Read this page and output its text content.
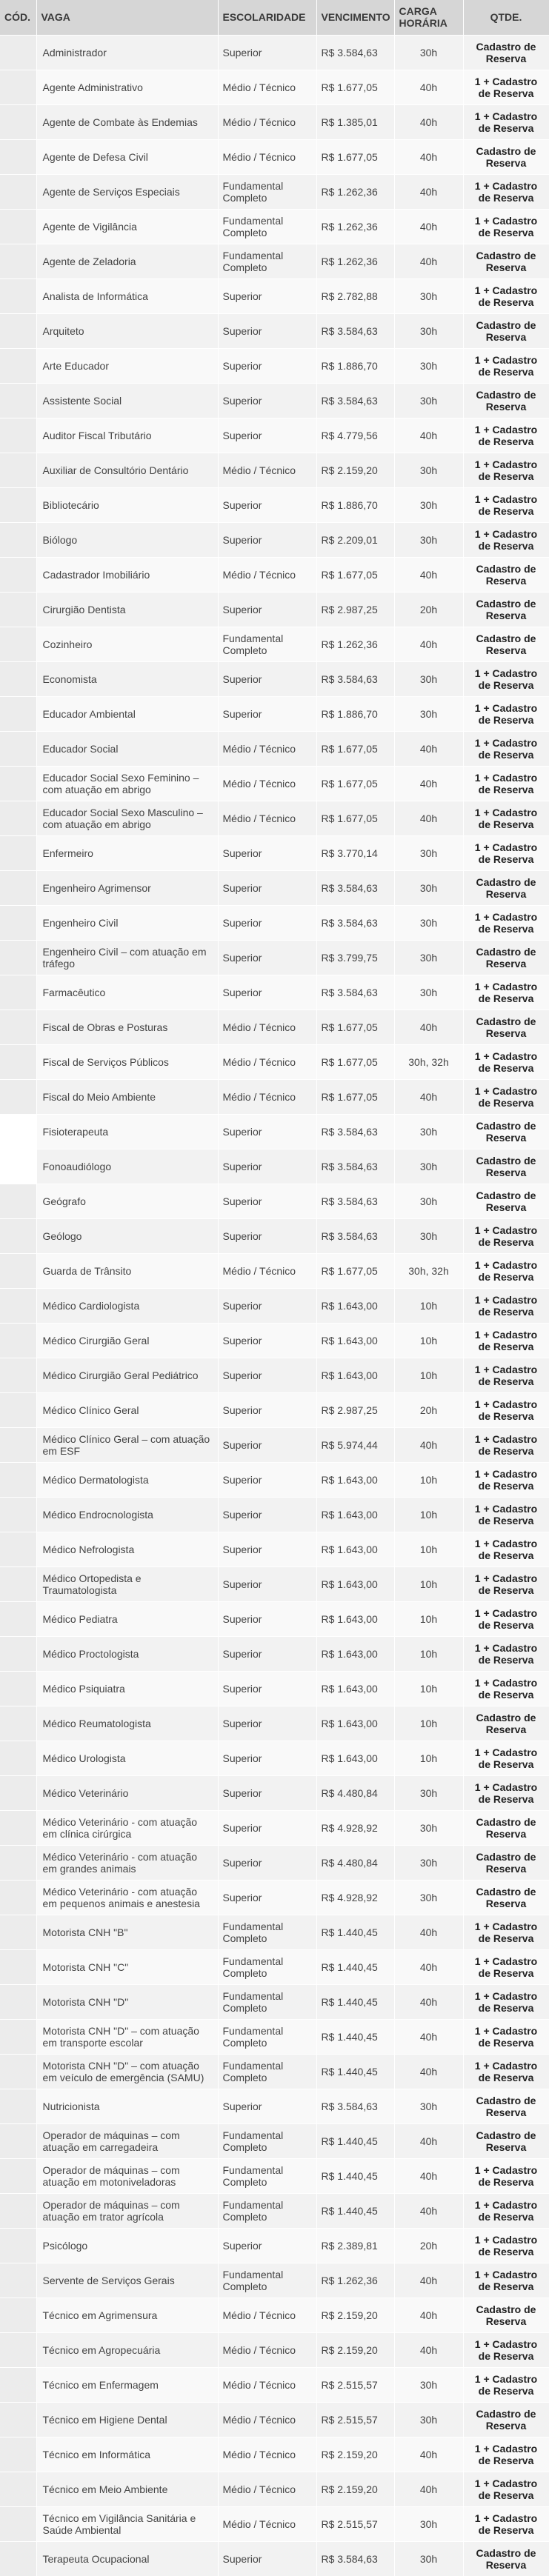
CÓD.	VAGA	ESCOLARIDADE	VENCIMENTO	CARGA HORÁRIA	QTDE.
	Administrador	Superior	R$ 3.584,63	30h	Cadastro de Reserva
	Agente Administrativo	Médio / Técnico	R$ 1.677,05	40h	1 + Cadastro de Reserva
	Agente de Combate às Endemias	Médio / Técnico	R$ 1.385,01	40h	1 + Cadastro de Reserva
	Agente de Defesa Civil	Médio / Técnico	R$ 1.677,05	40h	Cadastro de Reserva
	Agente de Serviços Especiais	Fundamental Completo	R$ 1.262,36	40h	1 + Cadastro de Reserva
	Agente de Vigilância	Fundamental Completo	R$ 1.262,36	40h	1 + Cadastro de Reserva
	Agente de Zeladoria	Fundamental Completo	R$ 1.262,36	40h	Cadastro de Reserva
	Analista de Informática	Superior	R$ 2.782,88	30h	1 + Cadastro de Reserva
	Arquiteto	Superior	R$ 3.584,63	30h	Cadastro de Reserva
	Arte Educador	Superior	R$ 1.886,70	30h	1 + Cadastro de Reserva
	Assistente Social	Superior	R$ 3.584,63	30h	Cadastro de Reserva
	Auditor Fiscal Tributário	Superior	R$ 4.779,56	40h	1 + Cadastro de Reserva
	Auxiliar de Consultório Dentário	Médio / Técnico	R$ 2.159,20	30h	1 + Cadastro de Reserva
	Bibliotecário	Superior	R$ 1.886,70	30h	1 + Cadastro de Reserva
	Biólogo	Superior	R$ 2.209,01	30h	1 + Cadastro de Reserva
	Cadastrador Imobiliário	Médio / Técnico	R$ 1.677,05	40h	Cadastro de Reserva
	Cirurgião Dentista	Superior	R$ 2.987,25	20h	Cadastro de Reserva
	Cozinheiro	Fundamental Completo	R$ 1.262,36	40h	Cadastro de Reserva
	Economista	Superior	R$ 3.584,63	30h	1 + Cadastro de Reserva
	Educador Ambiental	Superior	R$ 1.886,70	30h	1 + Cadastro de Reserva
	Educador Social	Médio / Técnico	R$ 1.677,05	40h	1 + Cadastro de Reserva
	Educador Social Sexo Feminino – com atuação em abrigo	Médio / Técnico	R$ 1.677,05	40h	1 + Cadastro de Reserva
	Educador Social Sexo Masculino – com atuação em abrigo	Médio / Técnico	R$ 1.677,05	40h	1 + Cadastro de Reserva
	Enfermeiro	Superior	R$ 3.770,14	30h	1 + Cadastro de Reserva
	Engenheiro Agrimensor	Superior	R$ 3.584,63	30h	Cadastro de Reserva
	Engenheiro Civil	Superior	R$ 3.584,63	30h	1 + Cadastro de Reserva
	Engenheiro Civil – com atuação em tráfego	Superior	R$ 3.799,75	30h	Cadastro de Reserva
	Farmacêutico	Superior	R$ 3.584,63	30h	1 + Cadastro de Reserva
	Fiscal de Obras e Posturas	Médio / Técnico	R$ 1.677,05	40h	Cadastro de Reserva
	Fiscal de Serviços Públicos	Médio / Técnico	R$ 1.677,05	30h, 32h	1 + Cadastro de Reserva
	Fiscal do Meio Ambiente	Médio / Técnico	R$ 1.677,05	40h	1 + Cadastro de Reserva
	Fisioterapeuta	Superior	R$ 3.584,63	30h	Cadastro de Reserva
	Fonoaudiólogo	Superior	R$ 3.584,63	30h	Cadastro de Reserva
	Geógrafo	Superior	R$ 3.584,63	30h	Cadastro de Reserva
	Geólogo	Superior	R$ 3.584,63	30h	1 + Cadastro de Reserva
	Guarda de Trânsito	Médio / Técnico	R$ 1.677,05	30h, 32h	1 + Cadastro de Reserva
	Médico Cardiologista	Superior	R$ 1.643,00	10h	1 + Cadastro de Reserva
	Médico Cirurgião Geral	Superior	R$ 1.643,00	10h	1 + Cadastro de Reserva
	Médico Cirurgião Geral Pediátrico	Superior	R$ 1.643,00	10h	1 + Cadastro de Reserva
	Médico Clínico Geral	Superior	R$ 2.987,25	20h	1 + Cadastro de Reserva
	Médico Clínico Geral – com atuação em ESF	Superior	R$ 5.974,44	40h	1 + Cadastro de Reserva
	Médico Dermatologista	Superior	R$ 1.643,00	10h	1 + Cadastro de Reserva
	Médico Endrocnologista	Superior	R$ 1.643,00	10h	1 + Cadastro de Reserva
	Médico Nefrologista	Superior	R$ 1.643,00	10h	1 + Cadastro de Reserva
	Médico Ortopedista e Traumatologista	Superior	R$ 1.643,00	10h	1 + Cadastro de Reserva
	Médico Pediatra	Superior	R$ 1.643,00	10h	1 + Cadastro de Reserva
	Médico Proctologista	Superior	R$ 1.643,00	10h	1 + Cadastro de Reserva
	Médico Psiquiatra	Superior	R$ 1.643,00	10h	1 + Cadastro de Reserva
	Médico Reumatologista	Superior	R$ 1.643,00	10h	Cadastro de Reserva
	Médico Urologista	Superior	R$ 1.643,00	10h	1 + Cadastro de Reserva
	Médico Veterinário	Superior	R$ 4.480,84	30h	1 + Cadastro de Reserva
	Médico Veterinário - com atuação em clínica cirúrgica	Superior	R$ 4.928,92	30h	Cadastro de Reserva
	Médico Veterinário - com atuação em grandes animais	Superior	R$ 4.480,84	30h	Cadastro de Reserva
	Médico Veterinário - com atuação em pequenos animais e anestesia	Superior	R$ 4.928,92	30h	Cadastro de Reserva
	Motorista CNH "B"	Fundamental Completo	R$ 1.440,45	40h	1 + Cadastro de Reserva
	Motorista CNH "C"	Fundamental Completo	R$ 1.440,45	40h	1 + Cadastro de Reserva
	Motorista CNH "D"	Fundamental Completo	R$ 1.440,45	40h	1 + Cadastro de Reserva
	Motorista CNH "D" – com atuação em transporte escolar	Fundamental Completo	R$ 1.440,45	40h	1 + Cadastro de Reserva
	Motorista CNH "D" – com atuação em veículo de emergência (SAMU)	Fundamental Completo	R$ 1.440,45	40h	1 + Cadastro de Reserva
	Nutricionista	Superior	R$ 3.584,63	30h	Cadastro de Reserva
	Operador de máquinas – com atuação em carregadeira	Fundamental Completo	R$ 1.440,45	40h	Cadastro de Reserva
	Operador de máquinas – com atuação em motoniveladoras	Fundamental Completo	R$ 1.440,45	40h	1 + Cadastro de Reserva
	Operador de máquinas – com atuação em trator agrícola	Fundamental Completo	R$ 1.440,45	40h	1 + Cadastro de Reserva
	Psicólogo	Superior	R$ 2.389,81	20h	1 + Cadastro de Reserva
	Servente de Serviços Gerais	Fundamental Completo	R$ 1.262,36	40h	1 + Cadastro de Reserva
	Técnico em Agrimensura	Médio / Técnico	R$ 2.159,20	40h	Cadastro de Reserva
	Técnico em Agropecuária	Médio / Técnico	R$ 2.159,20	40h	1 + Cadastro de Reserva
	Técnico em Enfermagem	Médio / Técnico	R$ 2.515,57	30h	1 + Cadastro de Reserva
	Técnico em Higiene Dental	Médio / Técnico	R$ 2.515,57	30h	Cadastro de Reserva
	Técnico em Informática	Médio / Técnico	R$ 2.159,20	40h	1 + Cadastro de Reserva
	Técnico em Meio Ambiente	Médio / Técnico	R$ 2.159,20	40h	1 + Cadastro de Reserva
	Técnico em Vigilância Sanitária e Saúde Ambiental	Médio / Técnico	R$ 2.515,57	30h	1 + Cadastro de Reserva
	Terapeuta Ocupacional	Superior	R$ 3.584,63	30h	Cadastro de Reserva
